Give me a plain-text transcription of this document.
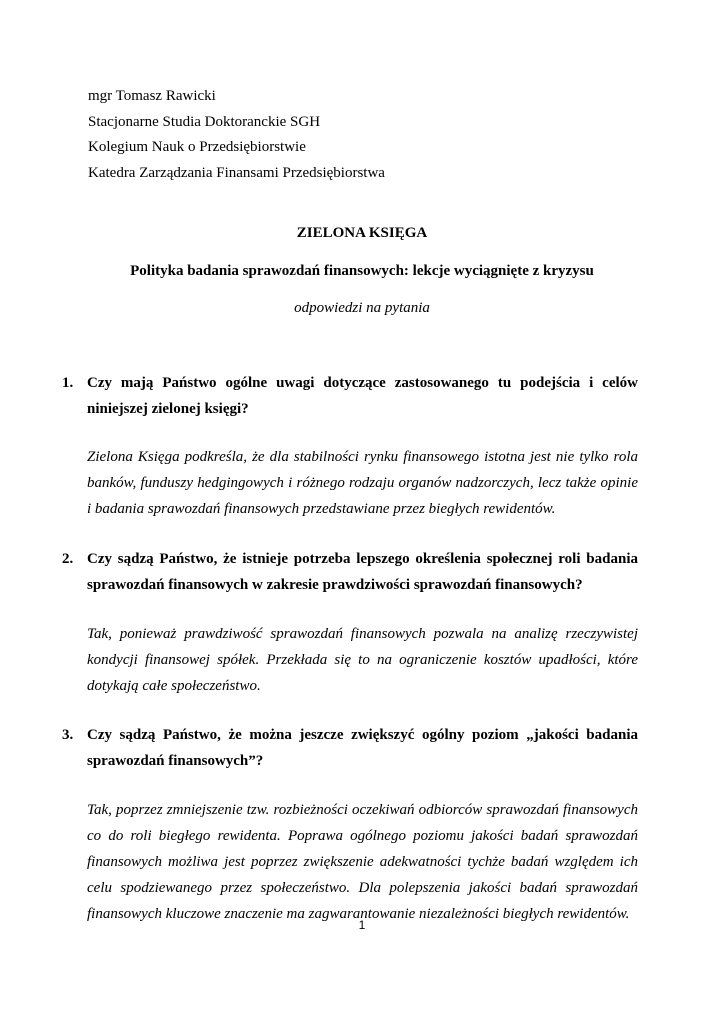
mgr Tomasz Rawicki
Stacjonarne Studia Doktoranckie SGH
Kolegium Nauk o Przedsiębiorstwie
Katedra Zarządzania Finansami Przedsiębiorstwa
ZIELONA KSIĘGA
Polityka badania sprawozdań finansowych: lekcje wyciągnięte z kryzysu
odpowiedzi na pytania
1. Czy mają Państwo ogólne uwagi dotyczące zastosowanego tu podejścia i celów niniejszej zielonej księgi?
Zielona Księga podkreśla, że dla stabilności rynku finansowego istotna jest nie tylko rola banków, funduszy hedgingowych i różnego rodzaju organów nadzorczych, lecz także opinie i badania sprawozdań finansowych przedstawiane przez biegłych rewidentów.
2. Czy sądzą Państwo, że istnieje potrzeba lepszego określenia społecznej roli badania sprawozdań finansowych w zakresie prawdziwości sprawozdań finansowych?
Tak, ponieważ prawdziwość sprawozdań finansowych pozwala na analizę rzeczywistej kondycji finansowej spółek. Przekłada się to na ograniczenie kosztów upadłości, które dotykają całe społeczeństwo.
3. Czy sądzą Państwo, że można jeszcze zwiększyć ogólny poziom „jakości badania sprawozdań finansowych”?
Tak, poprzez zmniejszenie tzw. rozbieżności oczekiwań odbiorców sprawozdań finansowych co do roli biegłego rewidenta. Poprawa ogólnego poziomu jakości badań sprawozdań finansowych możliwa jest poprzez zwiększenie adekwatności tychże badań względem ich celu spodziewanego przez społeczeństwo. Dla polepszenia jakości badań sprawozdań finansowych kluczowe znaczenie ma zagwarantowanie niezależności biegłych rewidentów.
1
